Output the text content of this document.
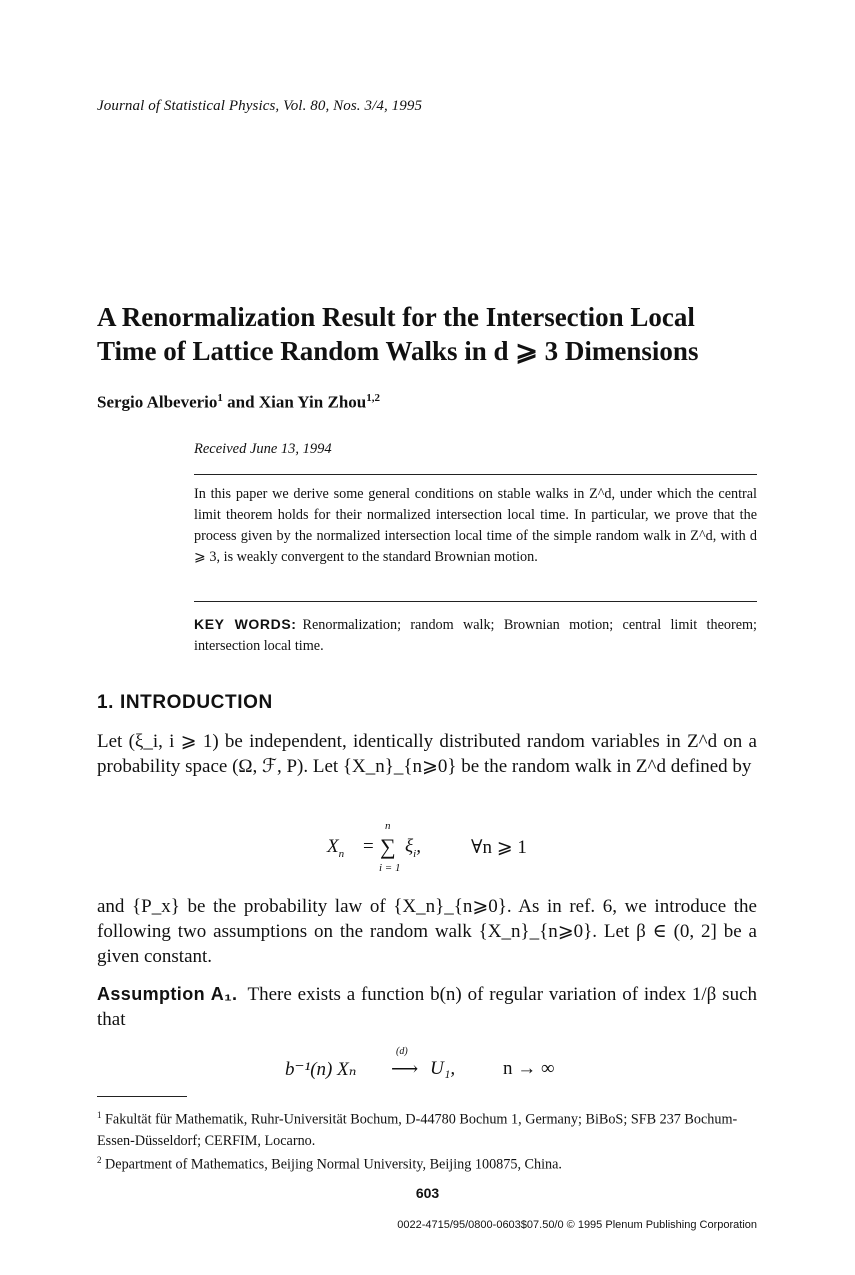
Journal of Statistical Physics, Vol. 80, Nos. 3/4, 1995
A Renormalization Result for the Intersection Local
Time of Lattice Random Walks in d ⩾ 3 Dimensions
Sergio Albeverio$^1$ and Xian Yin Zhou$^{1,2}$
Received June 13, 1994
In this paper we derive some general conditions on stable walks in Z^d, under which the central limit theorem holds for their normalized intersection local time. In particular, we prove that the process given by the normalized intersection local time of the simple random walk in Z^d, with d ⩾ 3, is weakly convergent to the standard Brownian motion.
KEY WORDS: Renormalization; random walk; Brownian motion; central limit theorem; intersection local time.
1. INTRODUCTION
Let (ξ_i, i ⩾ 1) be independent, identically distributed random variables in Z^d on a probability space (Ω, ℱ, P). Let {X_n}_{n⩾0} be the random walk in Z^d defined by
$X_n$ =
n
∑
i = 1
$\xi_i$,	∀n ⩾ 1
and {P_x} be the probability law of {X_n}_{n⩾0}. As in ref. 6, we introduce the following two assumptions on the random walk {X_n}_{n⩾0}. Let β ∈ (0, 2] be a given constant.
Assumption A₁. There exists a function b(n) of regular variation of index 1/β such that
b⁻¹(n) Xₙ
(d)
⟶ U₁,	n → ∞
$^1$ Fakultät für Mathematik, Ruhr-Universität Bochum, D-44780 Bochum 1, Germany; BiBoS; SFB 237 Bochum-Essen-Düsseldorf; CERFIM, Locarno.
$^2$ Department of Mathematics, Beijing Normal University, Beijing 100875, China.
603
0022-4715/95/0800-0603$07.50/0 © 1995 Plenum Publishing Corporation
